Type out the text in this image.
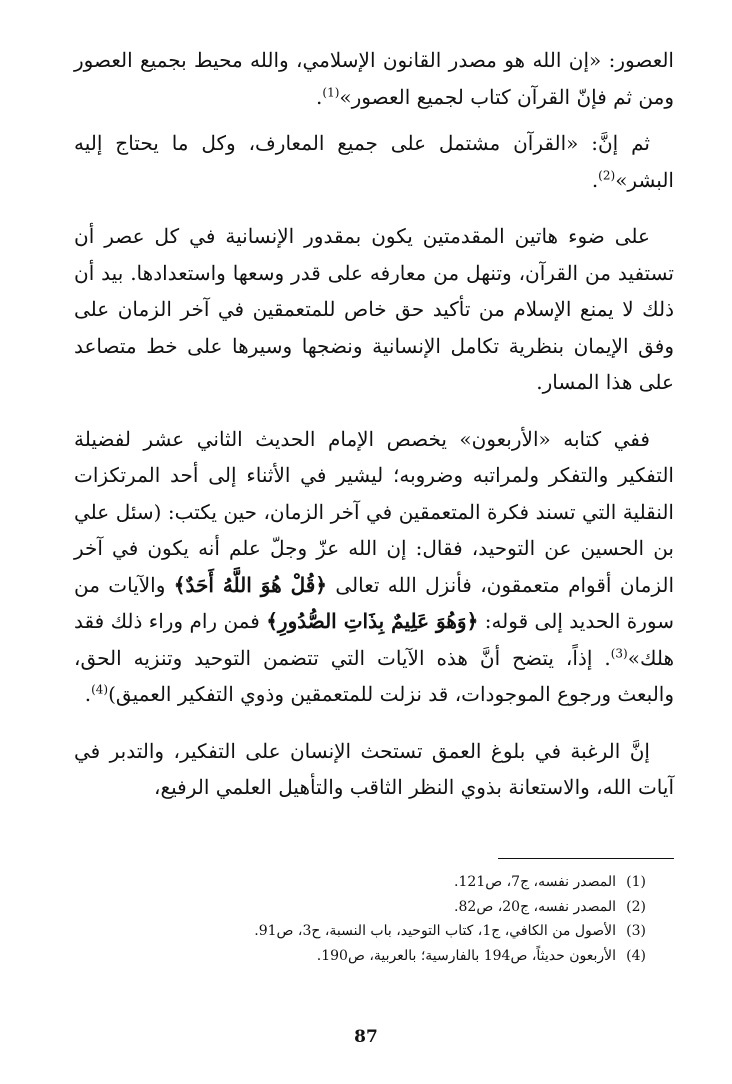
العصور: «إن الله هو مصدر القانون الإسلامي، والله محيط بجميع العصور ومن ثم فإنّ القرآن كتاب لجميع العصور»$^{(1)}$.

ثم إنَّ: «القرآن مشتمل على جميع المعارف، وكل ما يحتاج إليه البشر»$^{(2)}$.

على ضوء هاتين المقدمتين يكون بمقدور الإنسانية في كل عصر أن تستفيد من القرآن، وتنهل من معارفه على قدر وسعها واستعدادها. بيد أن ذلك لا يمنع الإسلام من تأكيد حق خاص للمتعمقين في آخر الزمان على وفق الإيمان بنظرية تكامل الإنسانية ونضجها وسيرها على خط متصاعد على هذا المسار.

ففي كتابه «الأربعون» يخصص الإمام الحديث الثاني عشر لفضيلة التفكير والتفكر ولمراتبه وضروبه؛ ليشير في الأثناء إلى أحد المرتكزات النقلية التي تسند فكرة المتعمقين في آخر الزمان، حين يكتب: (سئل علي بن الحسين عن التوحيد، فقال: إن الله عزّ وجلّ علم أنه يكون في آخر الزمان أقوام متعمقون، فأنزل الله تعالى ﴿قُلْ هُوَ اللَّهُ أَحَدٌ﴾ والآيات من سورة الحديد إلى قوله: ﴿وَهُوَ عَلِيمٌ بِذَاتِ الصُّدُورِ﴾ فمن رام وراء ذلك فقد هلك»$^{(3)}$. إذاً، يتضح أنَّ هذه الآيات التي تتضمن التوحيد وتنزيه الحق، والبعث ورجوع الموجودات، قد نزلت للمتعمقين وذوي التفكير العميق)$^{(4)}$.

إنَّ الرغبة في بلوغ العمق تستحث الإنسان على التفكير، والتدبر في آيات الله، والاستعانة بذوي النظر الثاقب والتأهيل العلمي الرفيع،

(1)
المصدر نفسه، ج7، ص121.
(2)
المصدر نفسه، ج20، ص82.
(3)
الأصول من الكافي، ج1، كتاب التوحيد، باب النسبة، ح3، ص91.
(4)
الأربعون حديثاً، ص194 بالفارسية؛ بالعربية، ص190.
87
